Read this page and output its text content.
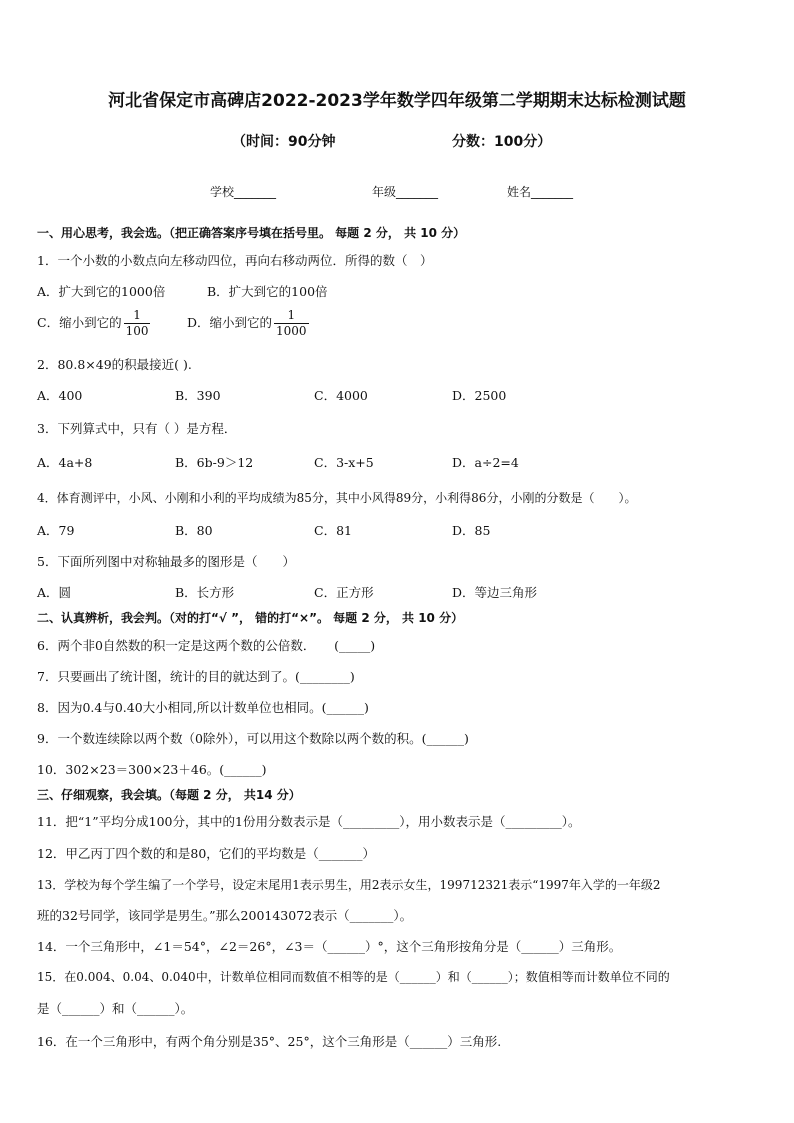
河北省保定市高碑店2022-2023学年数学四年级第二学期期末达标检测试题
（时间：90分钟	分数：100分）
学校_______	年级_______	姓名_______
一、用心思考，我会选。（把正确答案序号填在括号里。 每题 2 分， 共 10 分）
1．一个小数的小数点向左移动四位，再向右移动两位．所得的数（　）
A．扩大到它的1000倍	B．扩大到它的100倍
C．缩小到它的 $\frac{1}{100}$	D．缩小到它的 $\frac{1}{1000}$
2．80.8×49的积最接近( ).
A．400	B．390	C．4000	D．2500
3．下列算式中，只有（ ）是方程．
A．4a+8	B．6b-9＞12	C．3-x+5	D．a÷2=4
4．体育测评中，小风、小刚和小利的平均成绩为85分，其中小风得89分，小利得86分，小刚的分数是（　　）。
A．79	B．80	C．81	D．85
5．下面所列图中对称轴最多的图形是（　　）
A．圆	B．长方形	C．正方形	D．等边三角形
二、认真辨析，我会判。（对的打“√ ”， 错的打“×”。 每题 2 分， 共 10 分）
6．两个非0自然数的积一定是这两个数的公倍数．　　(_____)
7．只要画出了统计图，统计的目的就达到了。(________)
8．因为0.4与0.40大小相同,所以计数单位也相同。(______)
9．一个数连续除以两个数（0除外），可以用这个数除以两个数的积。(______)
10．302×23＝300×23＋46。(______)
三、仔细观察，我会填。（每题 2 分， 共14 分）
11．把“1”平均分成100分，其中的1份用分数表示是（_________），用小数表示是（_________）。
12．甲乙丙丁四个数的和是80，它们的平均数是（_______）
13．学校为每个学生编了一个学号，设定末尾用1表示男生，用2表示女生，199712321表示“1997年入学的一年级2
班的32号同学，该同学是男生。”那么200143072表示（_______）。
14．一个三角形中，∠1＝54°，∠2＝26°，∠3＝（______）°，这个三角形按角分是（______）三角形。
15．在0.004、0.04、0.040中，计数单位相同而数值不相等的是（______）和（______）；数值相等而计数单位不同的
是（______）和（______）。
16．在一个三角形中，有两个角分别是35°、25°，这个三角形是（______）三角形.
